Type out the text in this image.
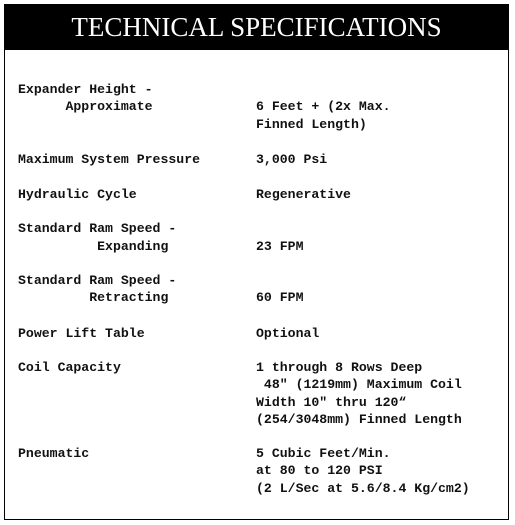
TECHNICAL SPECIFICATIONS
Expander Height -
Approximate	6 Feet + (2x Max.
Finned Length)
Maximum System Pressure	3,000 Psi
Hydraulic Cycle	Regenerative
Standard Ram Speed -
Expanding	23 FPM
Standard Ram Speed -
Retracting	60 FPM
Power Lift Table	Optional
Coil Capacity	1 through 8 Rows Deep
48" (1219mm) Maximum Coil
Width 10" thru 120“
(254/3048mm) Finned Length
Pneumatic	5 Cubic Feet/Min.
at 80 to 120 PSI
(2 L/Sec at 5.6/8.4 Kg/cm2)
